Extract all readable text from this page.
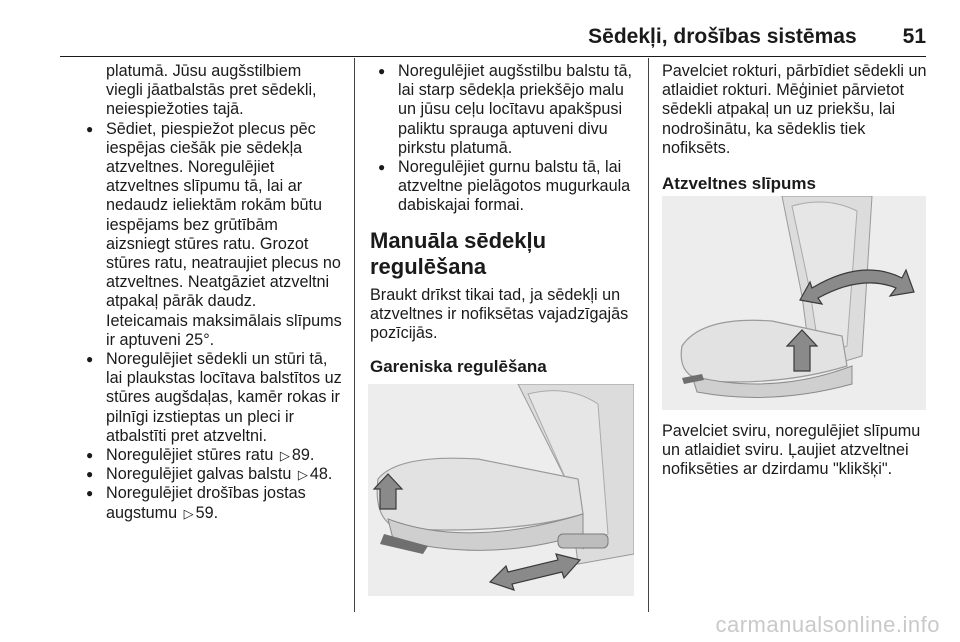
Sēdekļi, drošības sistēmas 51

platumā. Jūsu augšstilbiem viegli jāatbalstās pret sēdekli, neiespiežoties tajā.

● Sēdiet, piespiežot plecus pēc iespējas ciešāk pie sēdekļa atzveltnes. Noregulējiet atzveltnes slīpumu tā, lai ar nedaudz ieliektām rokām būtu iespējams bez grūtībām aizsniegt stūres ratu. Grozot stūres ratu, neatraujiet plecus no atzveltnes. Neatgāziet atzveltni atpakaļ pārāk daudz. Ieteicamais maksimālais slīpums ir aptuveni 25°.

● Noregulējiet sēdekli un stūri tā, lai plaukstas locītava balstītos uz stūres augšdaļas, kamēr rokas ir pilnīgi izstieptas un pleci ir atbalstīti pret atzveltni.

● Noregulējiet stūres ratu ▷ 89.

● Noregulējiet galvas balstu ▷ 48.

● Noregulējiet drošības jostas augstumu ▷ 59.

● Noregulējiet augšstilbu balstu tā, lai starp sēdekļa priekšējo malu un jūsu ceļu locītavu apakšpusi paliktu sprauga aptuveni divu pirkstu platumā.

● Noregulējiet gurnu balstu tā, lai atzveltne pielāgotos mugurkaula dabiskajai formai.

Manuāla sēdekļu regulēšana

Braukt drīkst tikai tad, ja sēdekļi un atzveltnes ir nofiksētas vajadzīgajās pozīcijās.

Gareniska regulēšana

Pavelciet rokturi, pārbīdiet sēdekli un atlaidiet rokturi. Mēģiniet pārvietot sēdekli atpakaļ un uz priekšu, lai nodrošinātu, ka sēdeklis tiek nofiksēts.

Atzveltnes slīpums

Pavelciet sviru, noregulējiet slīpumu un atlaidiet sviru. Ļaujiet atzveltnei nofiksēties ar dzirdamu "klikšķi".

carmanualsonline.info
